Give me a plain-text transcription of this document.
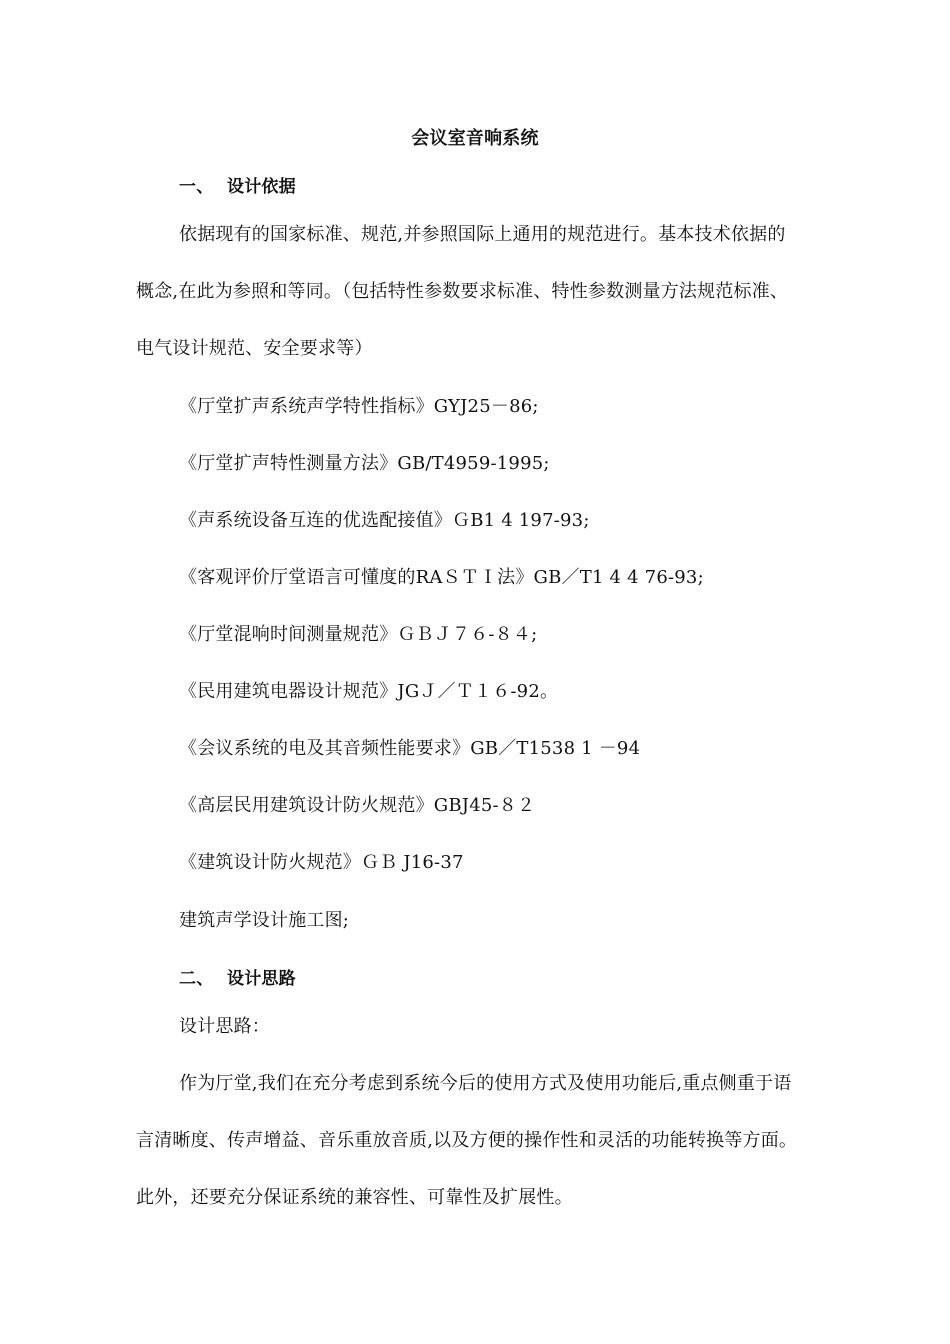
会议室音响系统
一、 设计依据
依据现有的国家标准、规范,并参照国际上通用的规范进行。基本技术依据的
概念,在此为参照和等同。（包括特性参数要求标准、特性参数测量方法规范标准、
电气设计规范、安全要求等）
《厅堂扩声系统声学特性指标》GYJ25－86;
《厅堂扩声特性测量方法》GB/T4959-1995;
《声系统设备互连的优选配接值》ＧB1 4 197-93;
《客观评价厅堂语言可懂度的RAＳＴＩ法》GB／T1 4 4 76-93;
《厅堂混响时间测量规范》ＧＢＪ７６-８４;
《民用建筑电器设计规范》JGＪ／Ｔ１６-92。
《会议系统的电及其音频性能要求》GB／T1538 1 －94
《高层民用建筑设计防火规范》GBJ45-８２
《建筑设计防火规范》ＧＢ J16-37
建筑声学设计施工图;
二、 设计思路
设计思路：
作为厅堂,我们在充分考虑到系统今后的使用方式及使用功能后,重点侧重于语
言清晰度、传声增益、音乐重放音质,以及方便的操作性和灵活的功能转换等方面。
此外，还要充分保证系统的兼容性、可靠性及扩展性。
